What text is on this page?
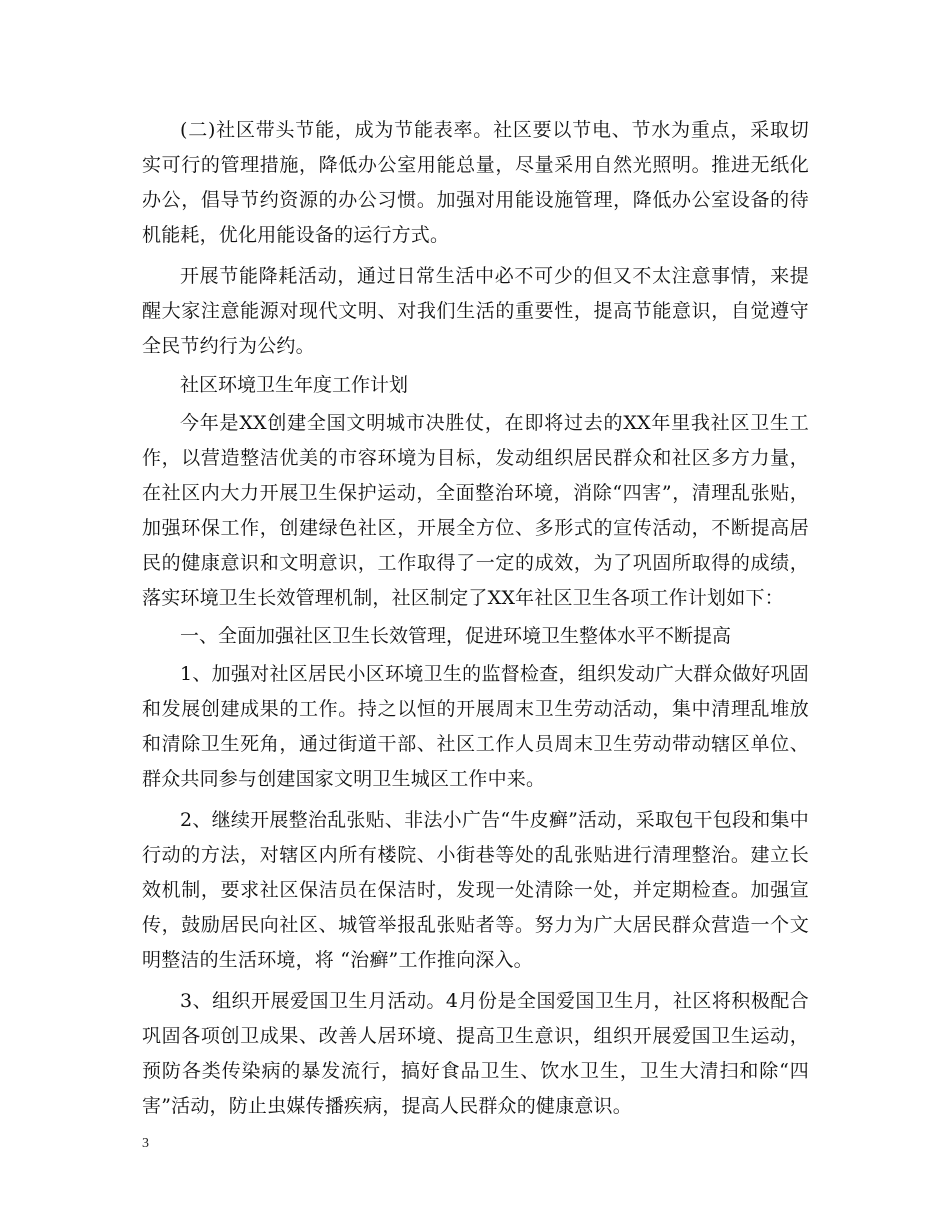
(二)社区带头节能，成为节能表率。社区要以节电、节水为重点，采取切实可行的管理措施，降低办公室用能总量，尽量采用自然光照明。推进无纸化办公，倡导节约资源的办公习惯。加强对用能设施管理，降低办公室设备的待机能耗，优化用能设备的运行方式。

开展节能降耗活动，通过日常生活中必不可少的但又不太注意事情，来提醒大家注意能源对现代文明、对我们生活的重要性，提高节能意识，自觉遵守全民节约行为公约。

社区环境卫生年度工作计划

今年是XX创建全国文明城市决胜仗，在即将过去的XX年里我社区卫生工作，以营造整洁优美的市容环境为目标，发动组织居民群众和社区多方力量，在社区内大力开展卫生保护运动，全面整治环境，消除“四害”，清理乱张贴，加强环保工作，创建绿色社区，开展全方位、多形式的宣传活动，不断提高居民的健康意识和文明意识，工作取得了一定的成效，为了巩固所取得的成绩，落实环境卫生长效管理机制，社区制定了XX年社区卫生各项工作计划如下：

一、全面加强社区卫生长效管理，促进环境卫生整体水平不断提高

1、加强对社区居民小区环境卫生的监督检查，组织发动广大群众做好巩固和发展创建成果的工作。持之以恒的开展周末卫生劳动活动，集中清理乱堆放和清除卫生死角，通过街道干部、社区工作人员周末卫生劳动带动辖区单位、群众共同参与创建国家文明卫生城区工作中来。

2、继续开展整治乱张贴、非法小广告“牛皮癣”活动，采取包干包段和集中行动的方法，对辖区内所有楼院、小街巷等处的乱张贴进行清理整治。建立长效机制，要求社区保洁员在保洁时，发现一处清除一处，并定期检查。加强宣传，鼓励居民向社区、城管举报乱张贴者等。努力为广大居民群众营造一个文明整洁的生活环境，将 “治癣”工作推向深入。

3、组织开展爱国卫生月活动。4月份是全国爱国卫生月，社区将积极配合巩固各项创卫成果、改善人居环境、提高卫生意识，组织开展爱国卫生运动，预防各类传染病的暴发流行，搞好食品卫生、饮水卫生，卫生大清扫和除“四害”活动，防止虫媒传播疾病，提高人民群众的健康意识。

3
